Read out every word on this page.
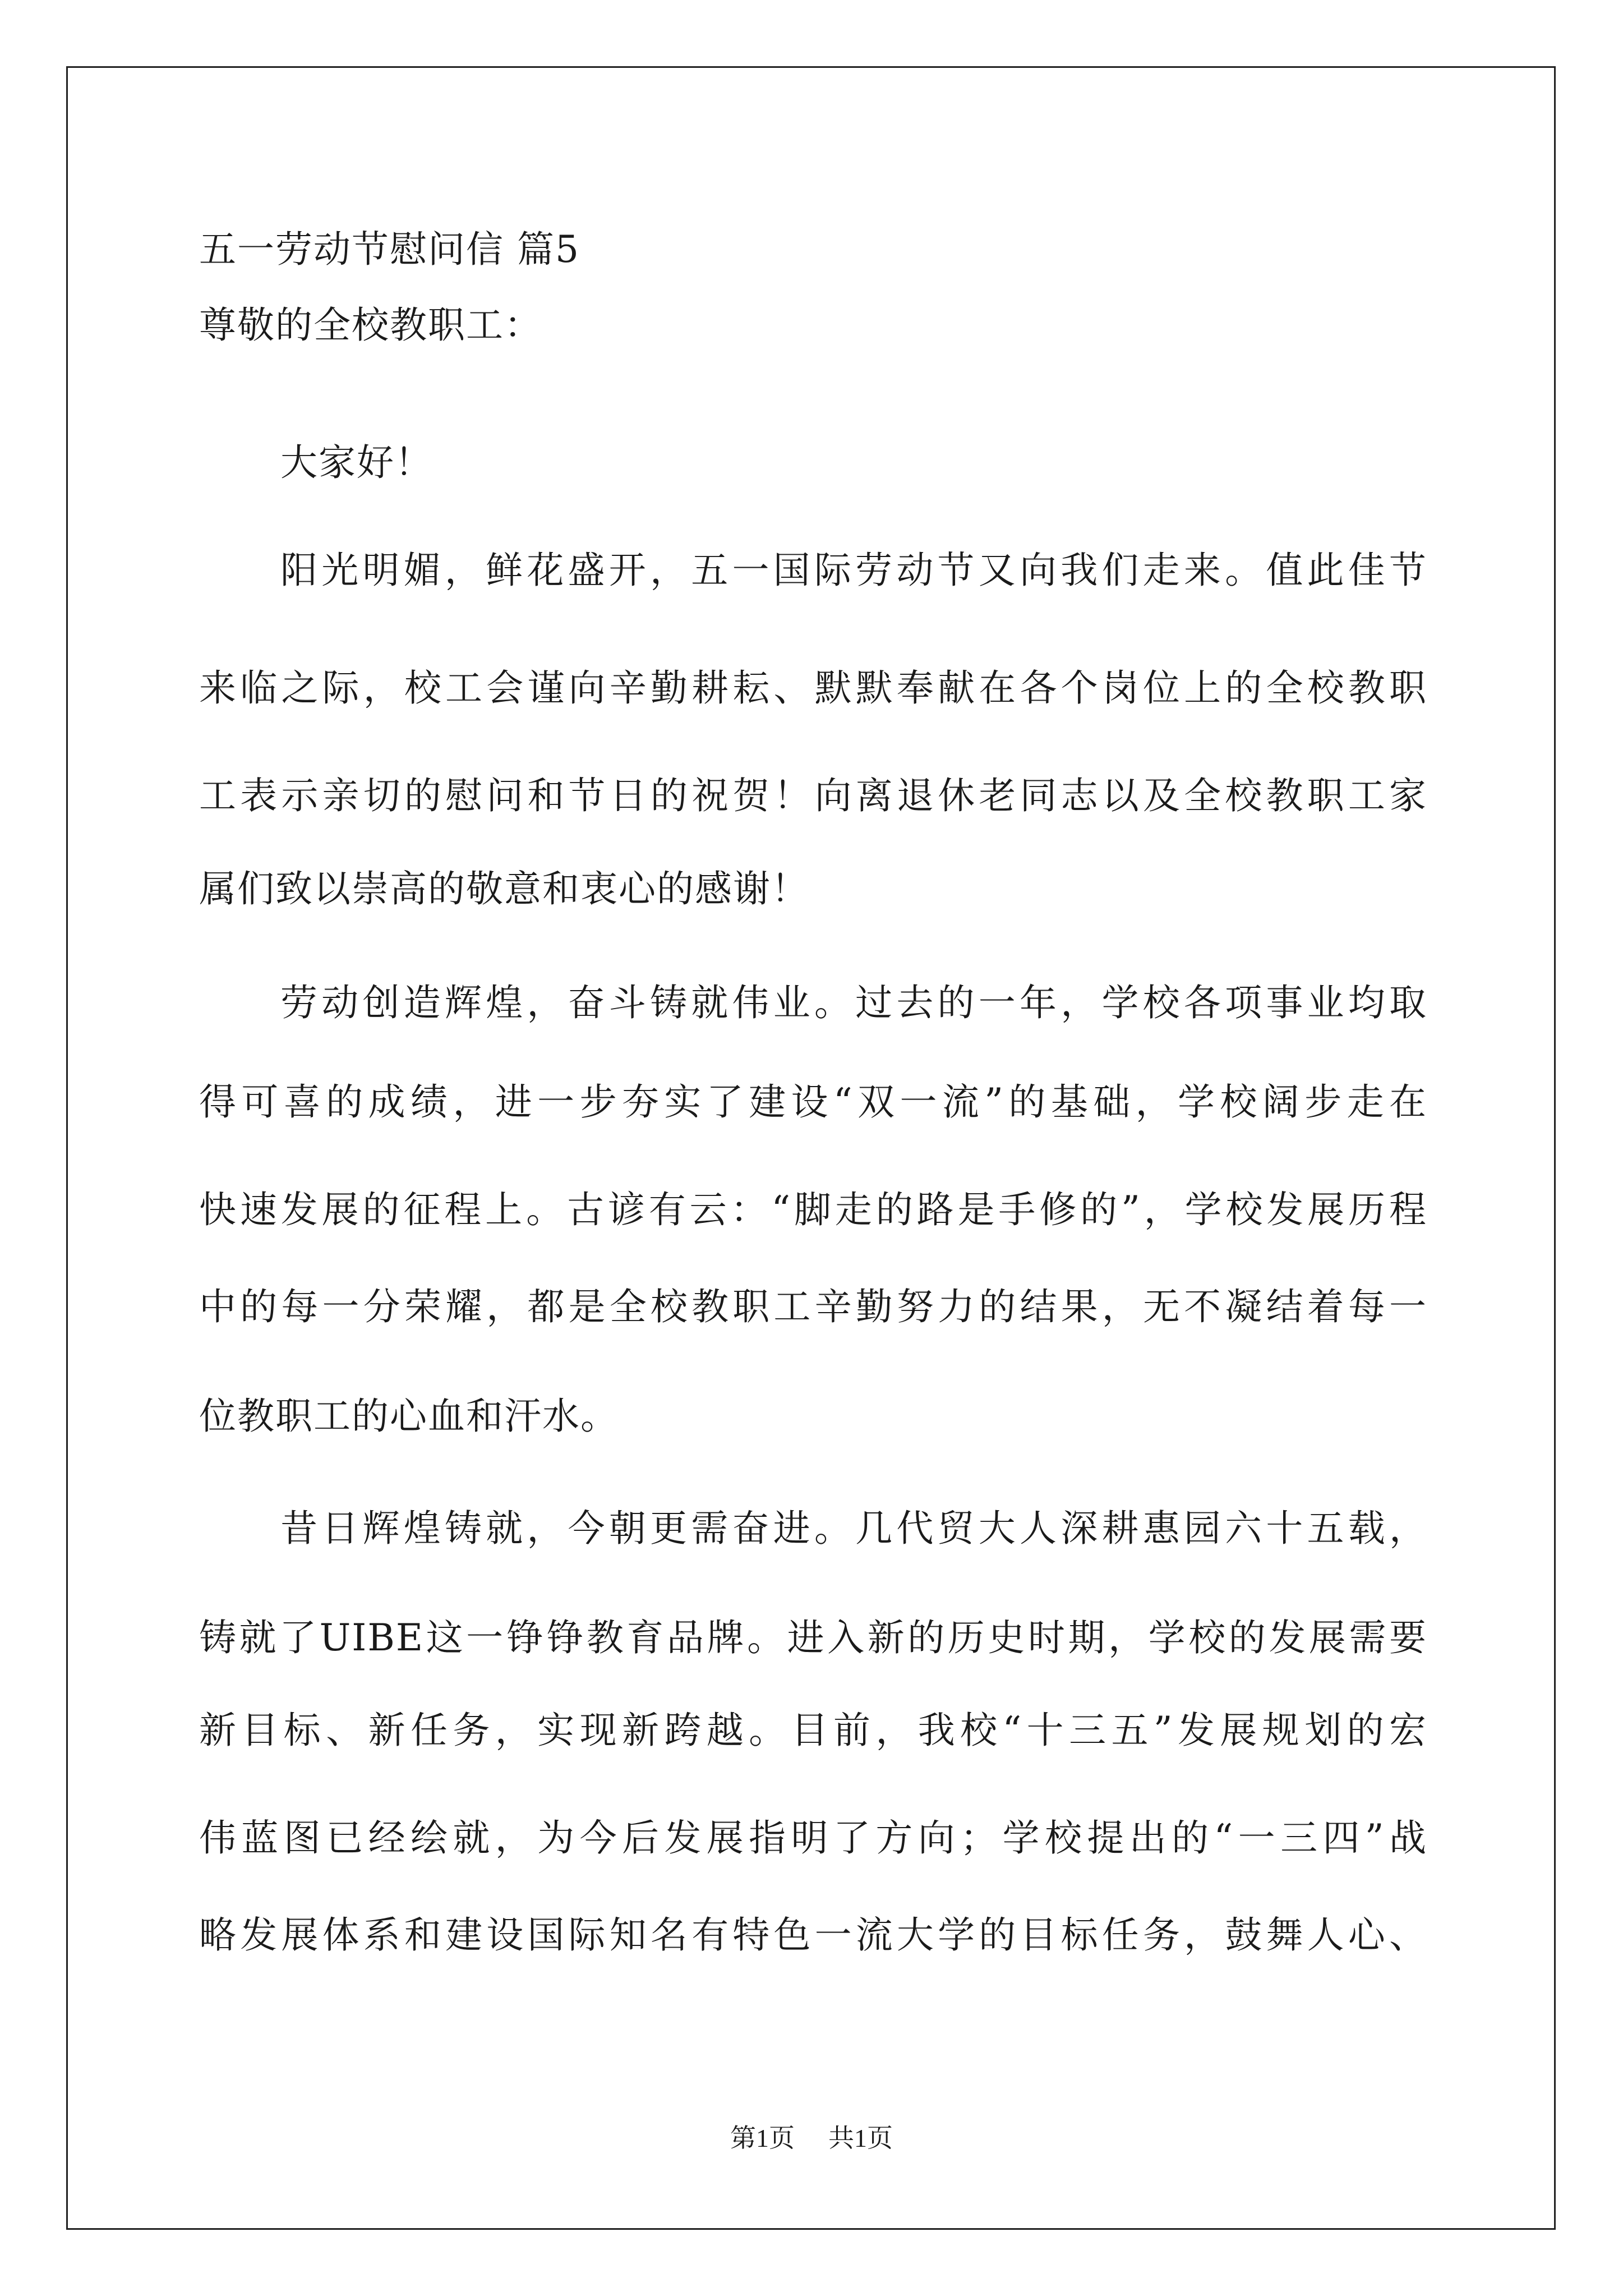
五一劳动节慰问信 篇5
尊敬的全校教职工：
大家好！
阳光明媚，鲜花盛开，五一国际劳动节又向我们走来。值此佳节
来临之际，校工会谨向辛勤耕耘、默默奉献在各个岗位上的全校教职
工表示亲切的慰问和节日的祝贺！向离退休老同志以及全校教职工家
属们致以崇高的敬意和衷心的感谢！
劳动创造辉煌，奋斗铸就伟业。过去的一年，学校各项事业均取
得可喜的成绩，进一步夯实了建设“双一流”的基础，学校阔步走在
快速发展的征程上。古谚有云：“脚走的路是手修的”，学校发展历程
中的每一分荣耀，都是全校教职工辛勤努力的结果，无不凝结着每一
位教职工的心血和汗水。
昔日辉煌铸就，今朝更需奋进。几代贸大人深耕惠园六十五载，
铸就了UIBE这一铮铮教育品牌。进入新的历史时期，学校的发展需要
新目标、新任务，实现新跨越。目前，我校“十三五”发展规划的宏
伟蓝图已经绘就，为今后发展指明了方向；学校提出的“一三四”战
略发展体系和建设国际知名有特色一流大学的目标任务，鼓舞人心、
第1页 共1页
